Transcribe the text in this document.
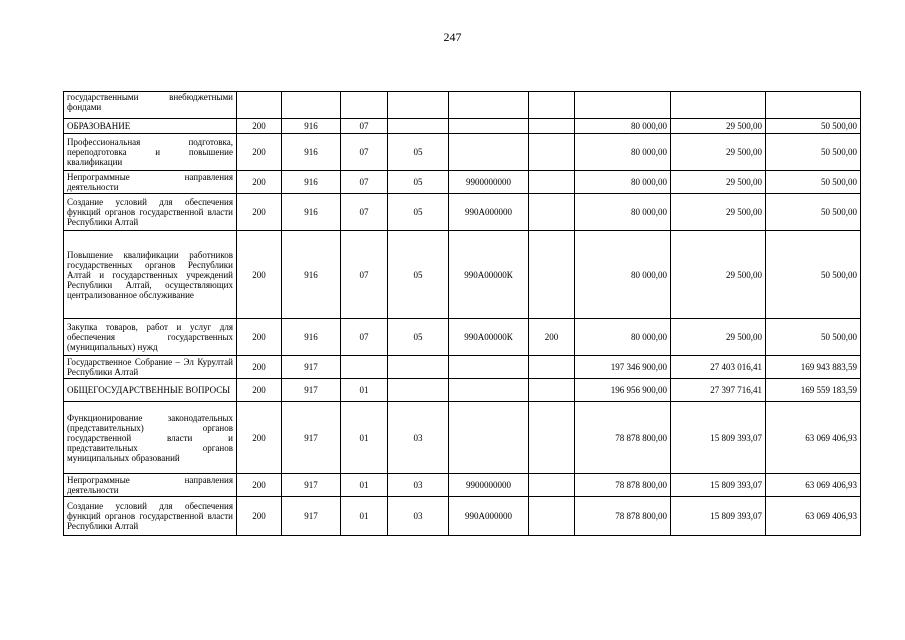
247
государственными внебюджетными фондами									
ОБРАЗОВАНИЕ	200	916	07				80 000,00	29 500,00	50 500,00
Профессиональная подготовка, переподготовка и повышение квалификации	200	916	07	05			80 000,00	29 500,00	50 500,00
Непрограммные направления деятельности	200	916	07	05	9900000000		80 000,00	29 500,00	50 500,00
Создание условий для обеспечения функций органов государственной власти Республики Алтай	200	916	07	05	990А000000		80 000,00	29 500,00	50 500,00
Повышение квалификации работников государственных органов Республики Алтай и государственных учреждений Республики Алтай, осуществляющих централизованное обслуживание	200	916	07	05	990А00000К		80 000,00	29 500,00	50 500,00
Закупка товаров, работ и услуг для обеспечения государственных (муниципальных) нужд	200	916	07	05	990А00000К	200	80 000,00	29 500,00	50 500,00
Государственное Собрание – Эл Курултай Республики Алтай	200	917					197 346 900,00	27 403 016,41	169 943 883,59
ОБЩЕГОСУДАРСТВЕННЫЕ ВОПРОСЫ	200	917	01				196 956 900,00	27 397 716,41	169 559 183,59
Функционирование законодательных (представительных) органов государственной власти и представительных органов муниципальных образований	200	917	01	03			78 878 800,00	15 809 393,07	63 069 406,93
Непрограммные направления деятельности	200	917	01	03	9900000000		78 878 800,00	15 809 393,07	63 069 406,93
Создание условий для обеспечения функций органов государственной власти Республики Алтай	200	917	01	03	990А000000		78 878 800,00	15 809 393,07	63 069 406,93
